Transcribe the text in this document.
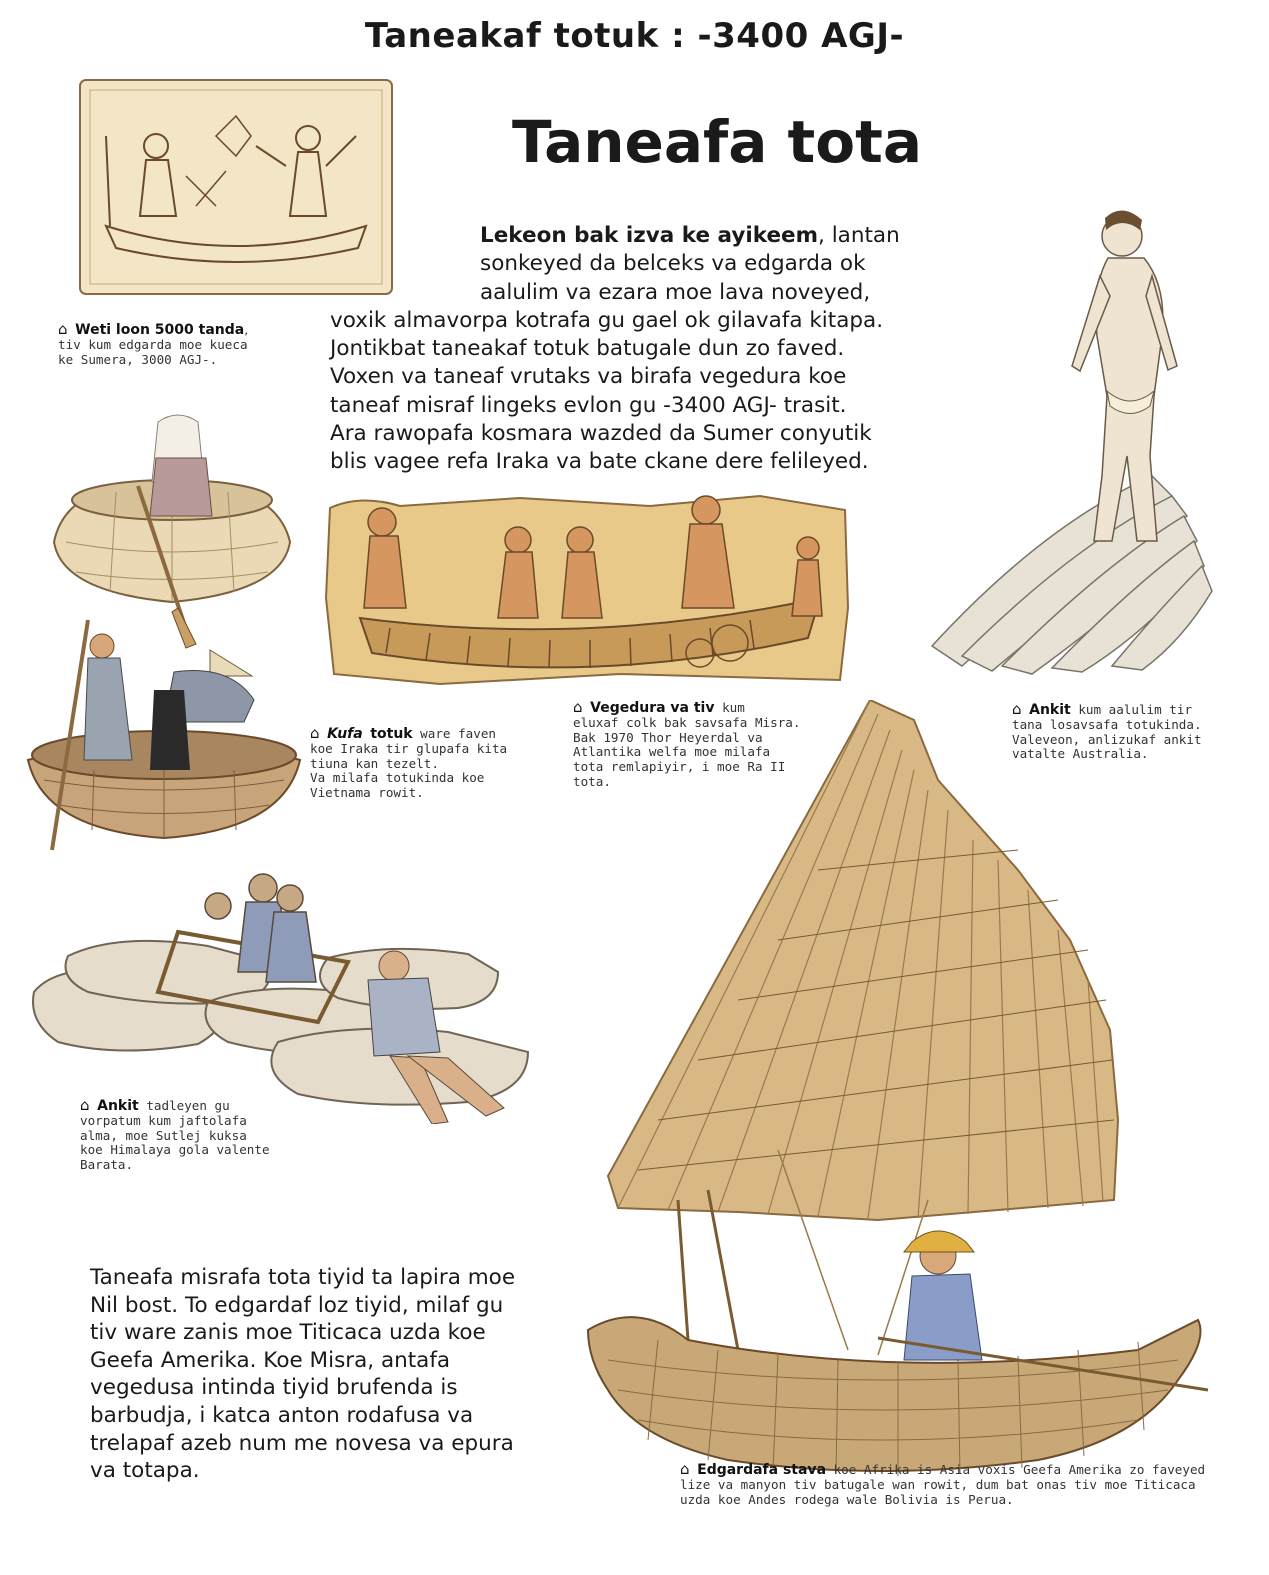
Taneakaf totuk : -3400 AGJ-
Taneafa tota
Lekeon bak izva ke ayikeem, lantan
sonkeyed da belceks va edgarda ok
aalulim va ezara moe lava noveyed,
voxik almavorpa kotrafa gu gael ok gilavafa kitapa.
Jontikbat taneakaf totuk batugale dun zo faved.
Voxen va taneaf vrutaks va birafa vegedura koe
taneaf misraf lingeks evlon gu -3400 AGJ- trasit.
Ara rawopafa kosmara wazded da Sumer conyutik
blis vagee refa Iraka va bate ckane dere felileyed.
⌂ Weti loon 5000 tanda,
tiv kum edgarda moe kueca
ke Sumera, 3000 AGJ-.
⌂ Kufa totuk ware faven
koe Iraka tir glupafa kita
tiuna kan tezelt.
Va milafa totukinda koe
Vietnama rowit.
⌂ Vegedura va tiv kum
eluxaf colk bak savsafa Misra.
Bak 1970 Thor Heyerdal va
Atlantika welfa moe milafa
tota remlapiyir, i moe Ra II
tota.
⌂ Ankit kum aalulim tir
tana losavsafa totukinda.
Valeveon, anlizukaf ankit
vatalte Australia.
⌂ Ankit tadleyen gu
vorpatum kum jaftolafa
alma, moe Sutlej kuksa
koe Himalaya gola valente
Barata.
Taneafa misrafa tota tiyid ta lapira moe
Nil bost. To edgardaf loz tiyid, milaf gu
tiv ware zanis moe Titicaca uzda koe
Geefa Amerika. Koe Misra, antafa
vegedusa intinda tiyid brufenda is
barbudja, i katca anton rodafusa va
trelapaf azeb num me novesa va epura
va totapa.	⌂ Edgardafa stava koe Afrika is Asia voxis Geefa Amerika zo faveyed
lize va manyon tiv batugale wan rowit, dum bat onas tiv moe Titicaca
uzda koe Andes rodega wale Bolivia is Perua.
